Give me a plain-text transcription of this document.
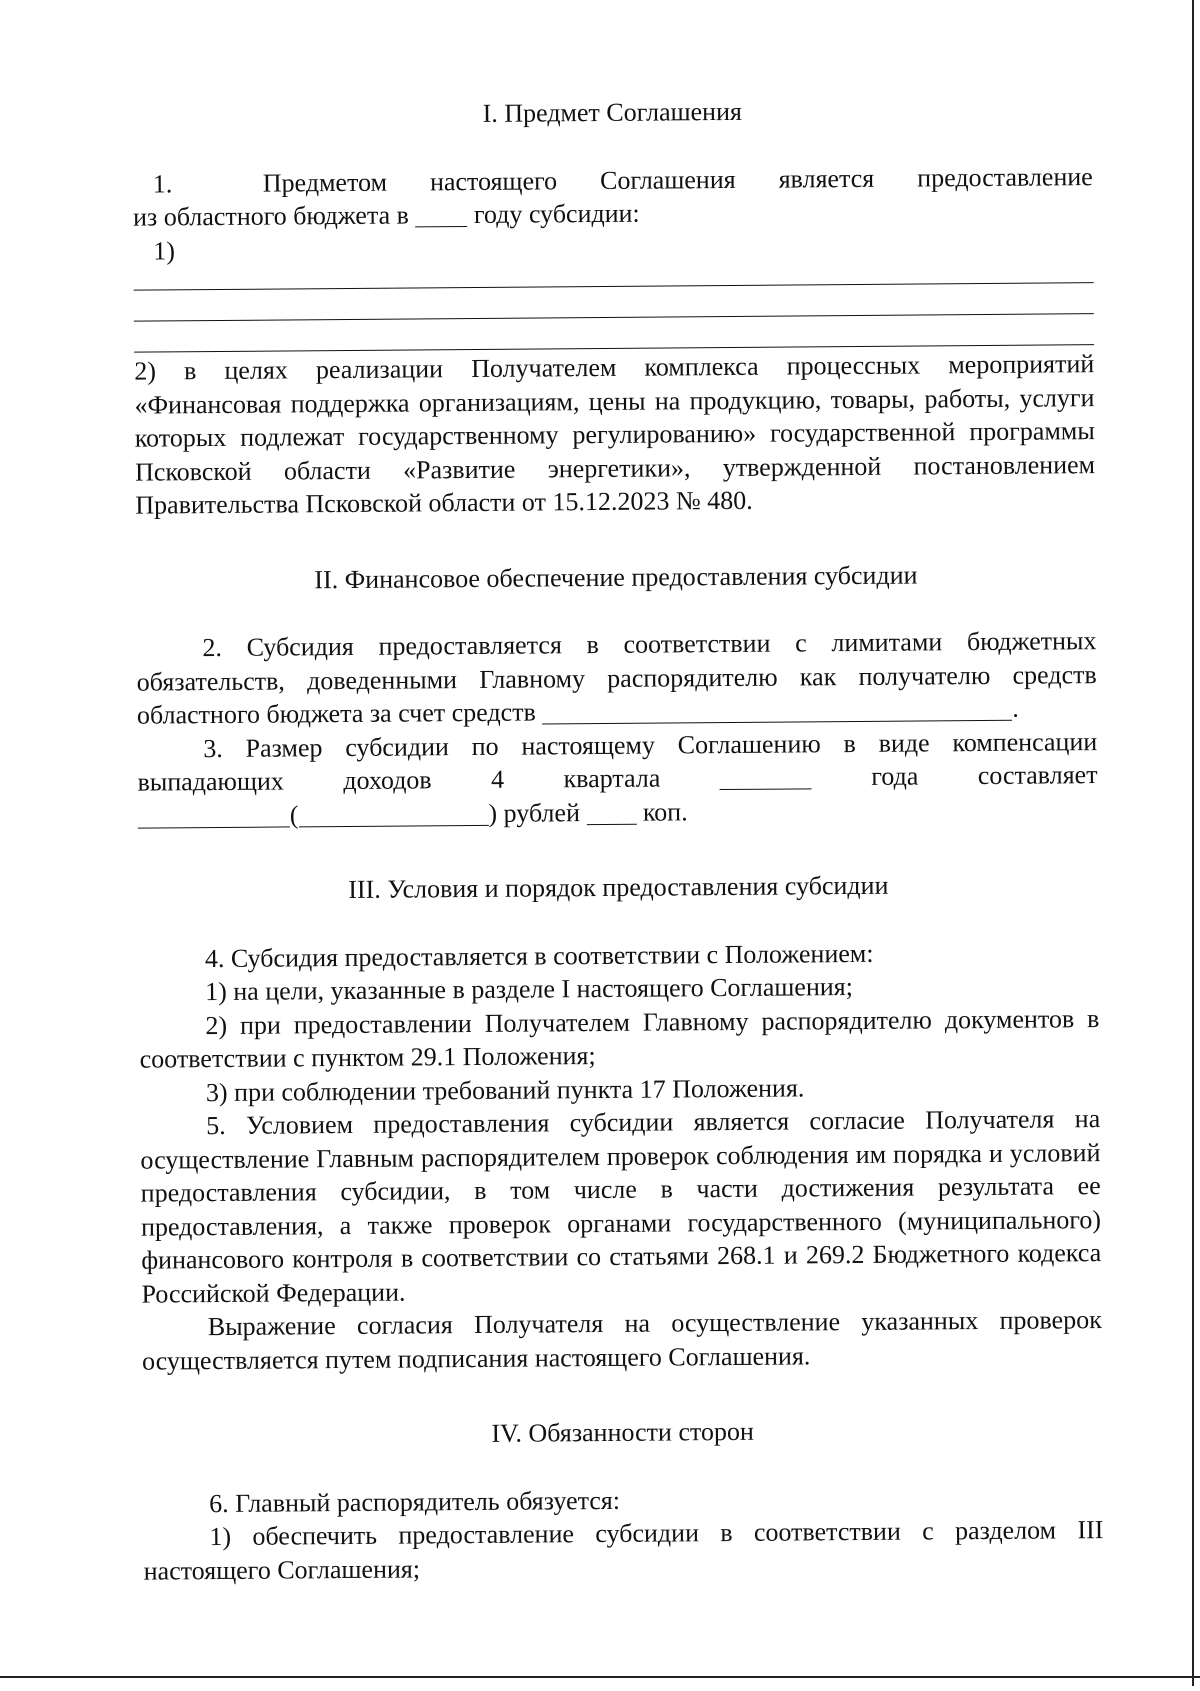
I. Предмет Соглашения

1.	Предметом настоящего Соглашения является предоставление

из областного бюджета в году субсидии:

1)

2) в целях реализации Получателем комплекса процессных мероприятий

«Финансовая поддержка организациям, цены на продукцию, товары, работы, услуги которых подлежат государственному регулированию» государственной программы Псковской области «Развитие энергетики», утвержденной постановлением Правительства Псковской области от 15.12.2023 № 480.

II. Финансовое обеспечение предоставления субсидии

2. Субсидия предоставляется в соответствии с лимитами бюджетных обязательств, доведенными Главному распорядителю как получателю средств областного бюджета за счет средств	.

3. Размер субсидии по настоящему Соглашению в виде компенсации

выпадающих доходов 4 квартала	года составляет

(	) рублей коп.

III. Условия и порядок предоставления субсидии

4. Субсидия предоставляется в соответствии с Положением:

1) на цели, указанные в разделе I настоящего Соглашения;

2) при предоставлении Получателем Главному распорядителю документов в соответствии с пунктом 29.1 Положения;

3) при соблюдении требований пункта 17 Положения.

5. Условием предоставления субсидии является согласие Получателя на осуществление Главным распорядителем проверок соблюдения им порядка и условий предоставления субсидии, в том числе в части достижения результата ее предоставления, а также проверок органами государственного (муниципального) финансового контроля в соответствии со статьями 268.1 и 269.2 Бюджетного кодекса Российской Федерации.

Выражение согласия Получателя на осуществление указанных проверок осуществляется путем подписания настоящего Соглашения.

IV. Обязанности сторон

6. Главный распорядитель обязуется:

1) обеспечить предоставление субсидии в соответствии с разделом III настоящего Соглашения;
